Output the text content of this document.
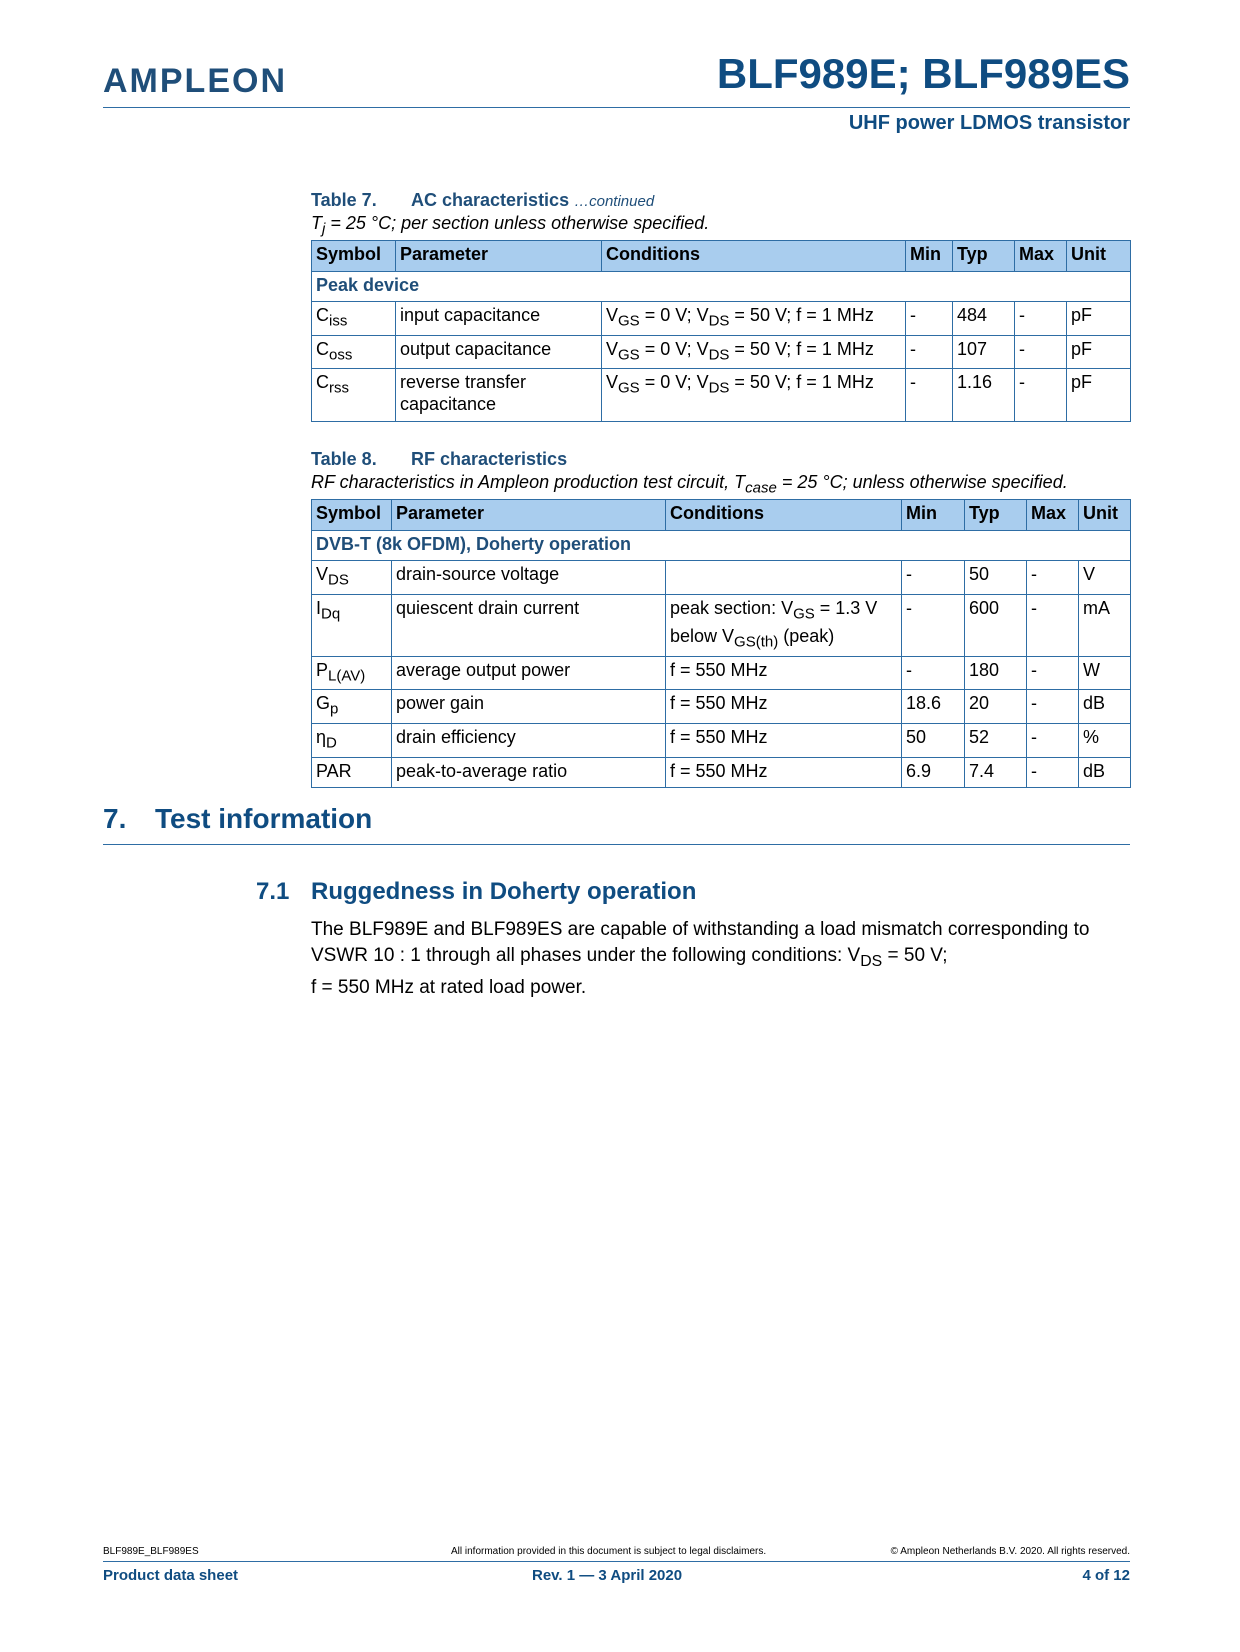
AMPLEON	BLF989E; BLF989ES
UHF power LDMOS transistor
Table 7. AC characteristics …continued
$T_j = 25$ °C; per section unless otherwise specified.
Symbol	Parameter	Conditions	Min	Typ	Max	Unit
Peak device						
$C_{iss}$	input capacitance	$V_{GS} = 0$ V; $V_{DS} = 50$ V; f = 1 MHz	-	484	-	pF
$C_{oss}$	output capacitance	$V_{GS} = 0$ V; $V_{DS} = 50$ V; f = 1 MHz	-	107	-	pF
$C_{rss}$	reverse transfer capacitance	$V_{GS} = 0$ V; $V_{DS} = 50$ V; f = 1 MHz	-	1.16	-	pF
Table 8. RF characteristics
RF characteristics in Ampleon production test circuit, $T_{case} = 25$ °C; unless otherwise specified.
Symbol	Parameter	Conditions	Min	Typ	Max	Unit
DVB-T (8k OFDM), Doherty operation						
$V_{DS}$	drain-source voltage		-	50	-	V
$I_{Dq}$	quiescent drain current	peak section: $V_{GS} = 1.3$ V
below $V_{GS(th)}$ (peak)	-	600	-	mA
$P_{L(AV)}$	average output power	f = 550 MHz	-	180	-	W
$G_p$	power gain	f = 550 MHz	18.6	20	-	dB
$\eta_D$	drain efficiency	f = 550 MHz	50	52	-	%
PAR	peak-to-average ratio	f = 550 MHz	6.9	7.4	-	dB
7. Test information
7.1 Ruggedness in Doherty operation
The BLF989E and BLF989ES are capable of withstanding a load mismatch corresponding to VSWR 10 : 1 through all phases under the following conditions: $V_{DS} = 50$ V;
f = 550 MHz at rated load power.
BLF989E_BLF989ES	All information provided in this document is subject to legal disclaimers.	© Ampleon Netherlands B.V. 2020. All rights reserved.
Product data sheet	Rev. 1 — 3 April 2020	4 of 12
